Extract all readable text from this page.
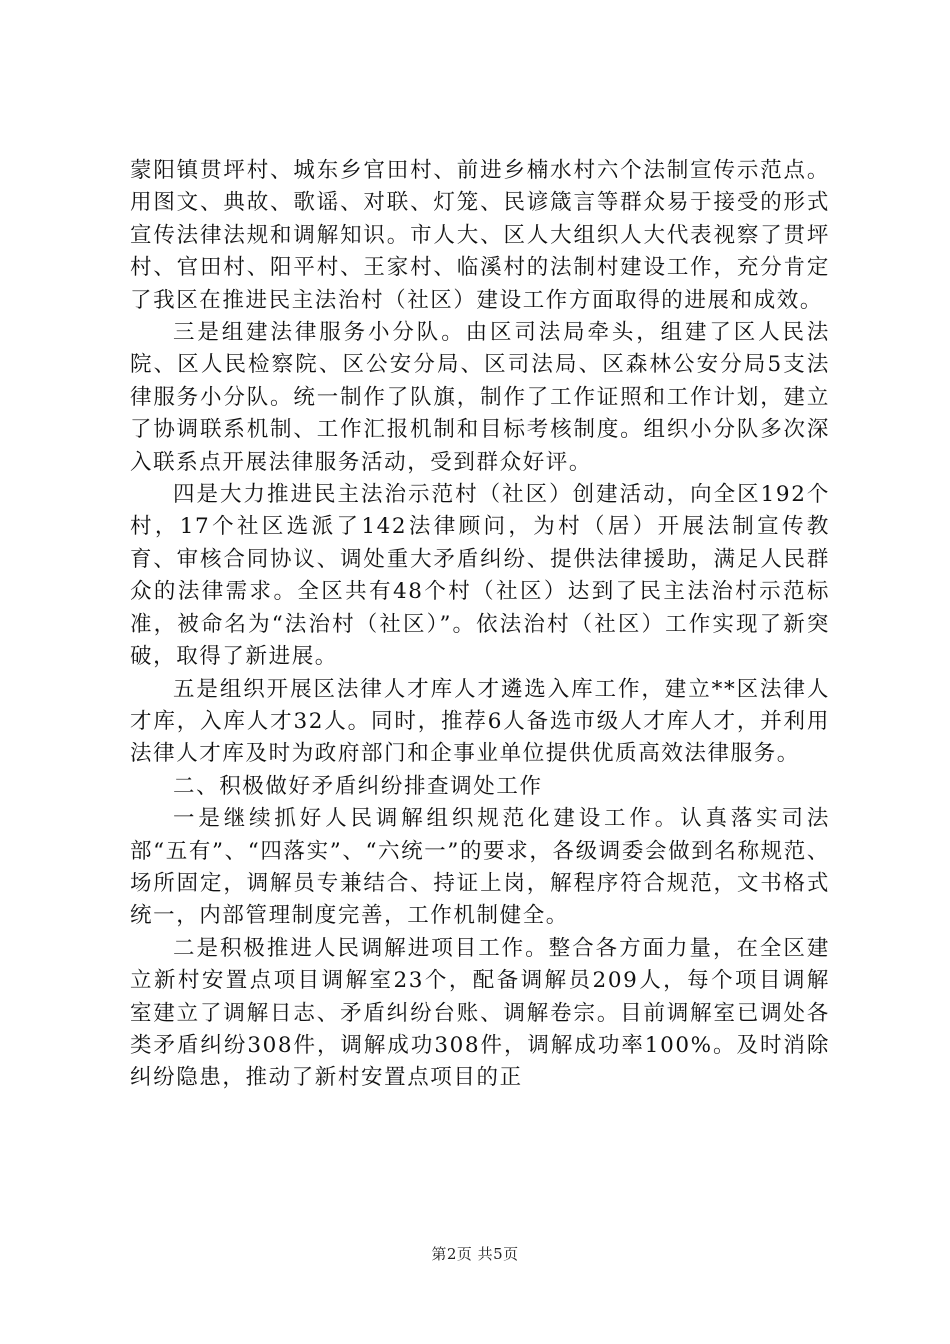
蒙阳镇贯坪村、城东乡官田村、前进乡楠水村六个法制宣传示范点。用图文、典故、歌谣、对联、灯笼、民谚箴言等群众易于接受的形式宣传法律法规和调解知识。市人大、区人大组织人大代表视察了贯坪村、官田村、阳平村、王家村、临溪村的法制村建设工作，充分肯定了我区在推进民主法治村（社区）建设工作方面取得的进展和成效。

三是组建法律服务小分队。由区司法局牵头，组建了区人民法院、区人民检察院、区公安分局、区司法局、区森林公安分局5支法律服务小分队。统一制作了队旗，制作了工作证照和工作计划，建立了协调联系机制、工作汇报机制和目标考核制度。组织小分队多次深入联系点开展法律服务活动，受到群众好评。

四是大力推进民主法治示范村（社区）创建活动，向全区192个村，17个社区选派了142法律顾问，为村（居）开展法制宣传教育、审核合同协议、调处重大矛盾纠纷、提供法律援助，满足人民群众的法律需求。全区共有48个村（社区）达到了民主法治村示范标准，被命名为“法治村（社区）”。依法治村（社区）工作实现了新突破，取得了新进展。

五是组织开展区法律人才库人才遴选入库工作，建立**区法律人才库，入库人才32人。同时，推荐6人备选市级人才库人才，并利用法律人才库及时为政府部门和企事业单位提供优质高效法律服务。

二、积极做好矛盾纠纷排查调处工作

一是继续抓好人民调解组织规范化建设工作。认真落实司法部“五有”、“四落实”、“六统一”的要求，各级调委会做到名称规范、场所固定，调解员专兼结合、持证上岗，解程序符合规范，文书格式统一，内部管理制度完善，工作机制健全。

二是积极推进人民调解进项目工作。整合各方面力量，在全区建立新村安置点项目调解室23个，配备调解员209人，每个项目调解室建立了调解日志、矛盾纠纷台账、调解卷宗。目前调解室已调处各类矛盾纠纷308件，调解成功308件，调解成功率100%。及时消除纠纷隐患，推动了新村安置点项目的正

第2页 共5页
